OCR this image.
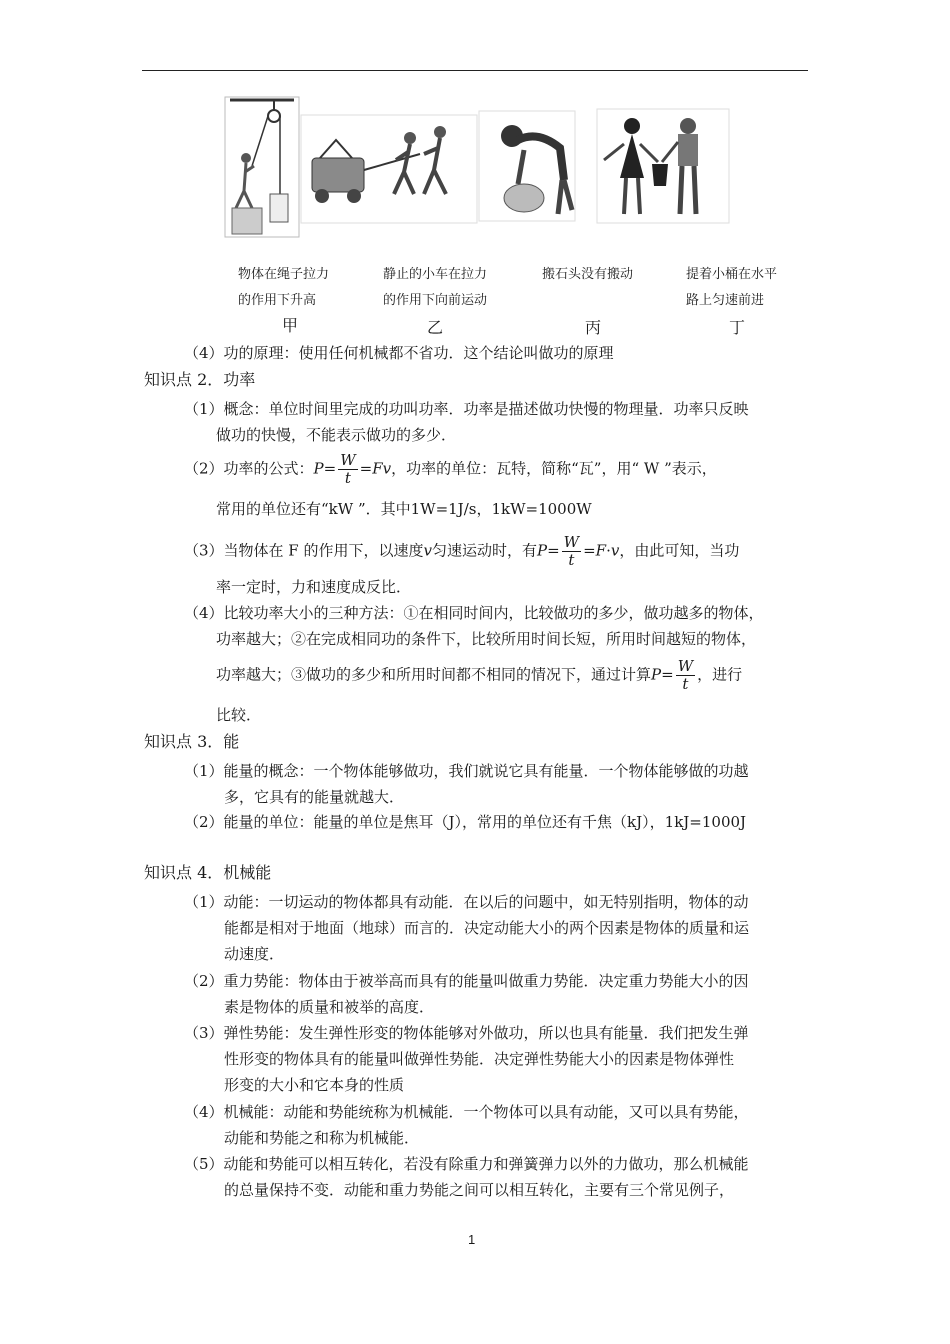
物体在绳子拉力
的作用下升高
静止的小车在拉力
的作用下向前运动
搬石头没有搬动	提着小桶在水平
路上匀速前进
甲	乙	丙	丁
（4）功的原理：使用任何机械都不省功．这个结论叫做功的原理
知识点 2．功率
（1）概念：单位时间里完成的功叫功率．功率是描述做功快慢的物理量．功率只反映
做功的快慢，不能表示做功的多少．
（2）功率的公式：$P= \frac{W}{t} =Fv$，功率的单位：瓦特，简称“瓦”，用“ W ”表示，
常用的单位还有“kW ”．其中1W=1J/s，1kW=1000W
（3）当物体在 F 的作用下，以速度v匀速运动时，有$P= \frac{W}{t} =F\cdot v$，由此可知，当功
率一定时，力和速度成反比．
（4）比较功率大小的三种方法：①在相同时间内，比较做功的多少，做功越多的物体，
功率越大；②在完成相同功的条件下，比较所用时间长短，所用时间越短的物体，
功率越大；③做功的多少和所用时间都不相同的情况下，通过计算$P= \frac{W}{t}$ ，进行
比较．
知识点 3．能
（1）能量的概念：一个物体能够做功，我们就说它具有能量．一个物体能够做的功越
多，它具有的能量就越大．
（2）能量的单位：能量的单位是焦耳（J），常用的单位还有千焦（kJ），1kJ=1000J
知识点 4．机械能
（1）动能：一切运动的物体都具有动能．在以后的问题中，如无特别指明，物体的动
能都是相对于地面（地球）而言的．决定动能大小的两个因素是物体的质量和运
动速度．
（2）重力势能：物体由于被举高而具有的能量叫做重力势能．决定重力势能大小的因
素是物体的质量和被举的高度．
（3）弹性势能：发生弹性形变的物体能够对外做功，所以也具有能量．我们把发生弹
性形变的物体具有的能量叫做弹性势能．决定弹性势能大小的因素是物体弹性
形变的大小和它本身的性质
（4）机械能：动能和势能统称为机械能．一个物体可以具有动能，又可以具有势能，
动能和势能之和称为机械能．
（5）动能和势能可以相互转化，若没有除重力和弹簧弹力以外的力做功，那么机械能
的总量保持不变．动能和重力势能之间可以相互转化，主要有三个常见例子，
1
